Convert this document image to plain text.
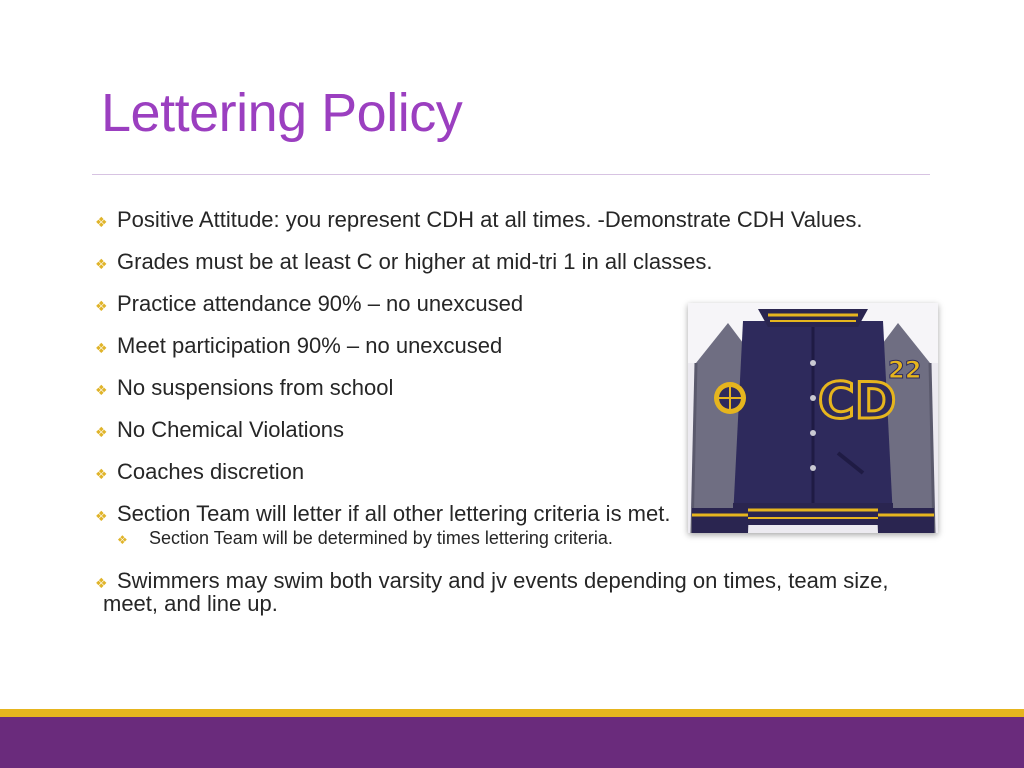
Lettering Policy
❖ Positive Attitude: you represent CDH at all times. -Demonstrate CDH Values.
❖ Grades must be at least C or higher at mid-tri 1 in all classes.
❖ Practice attendance 90% – no unexcused
❖ Meet participation 90% – no unexcused
❖ No suspensions from school
❖ No Chemical Violations
❖ Coaches discretion
❖ Section Team will letter if all other lettering criteria is met.
❖ Section Team will be determined by times lettering criteria.
❖ Swimmers may swim both varsity and jv events depending on times, team size, meet, and line up.
CD
22
